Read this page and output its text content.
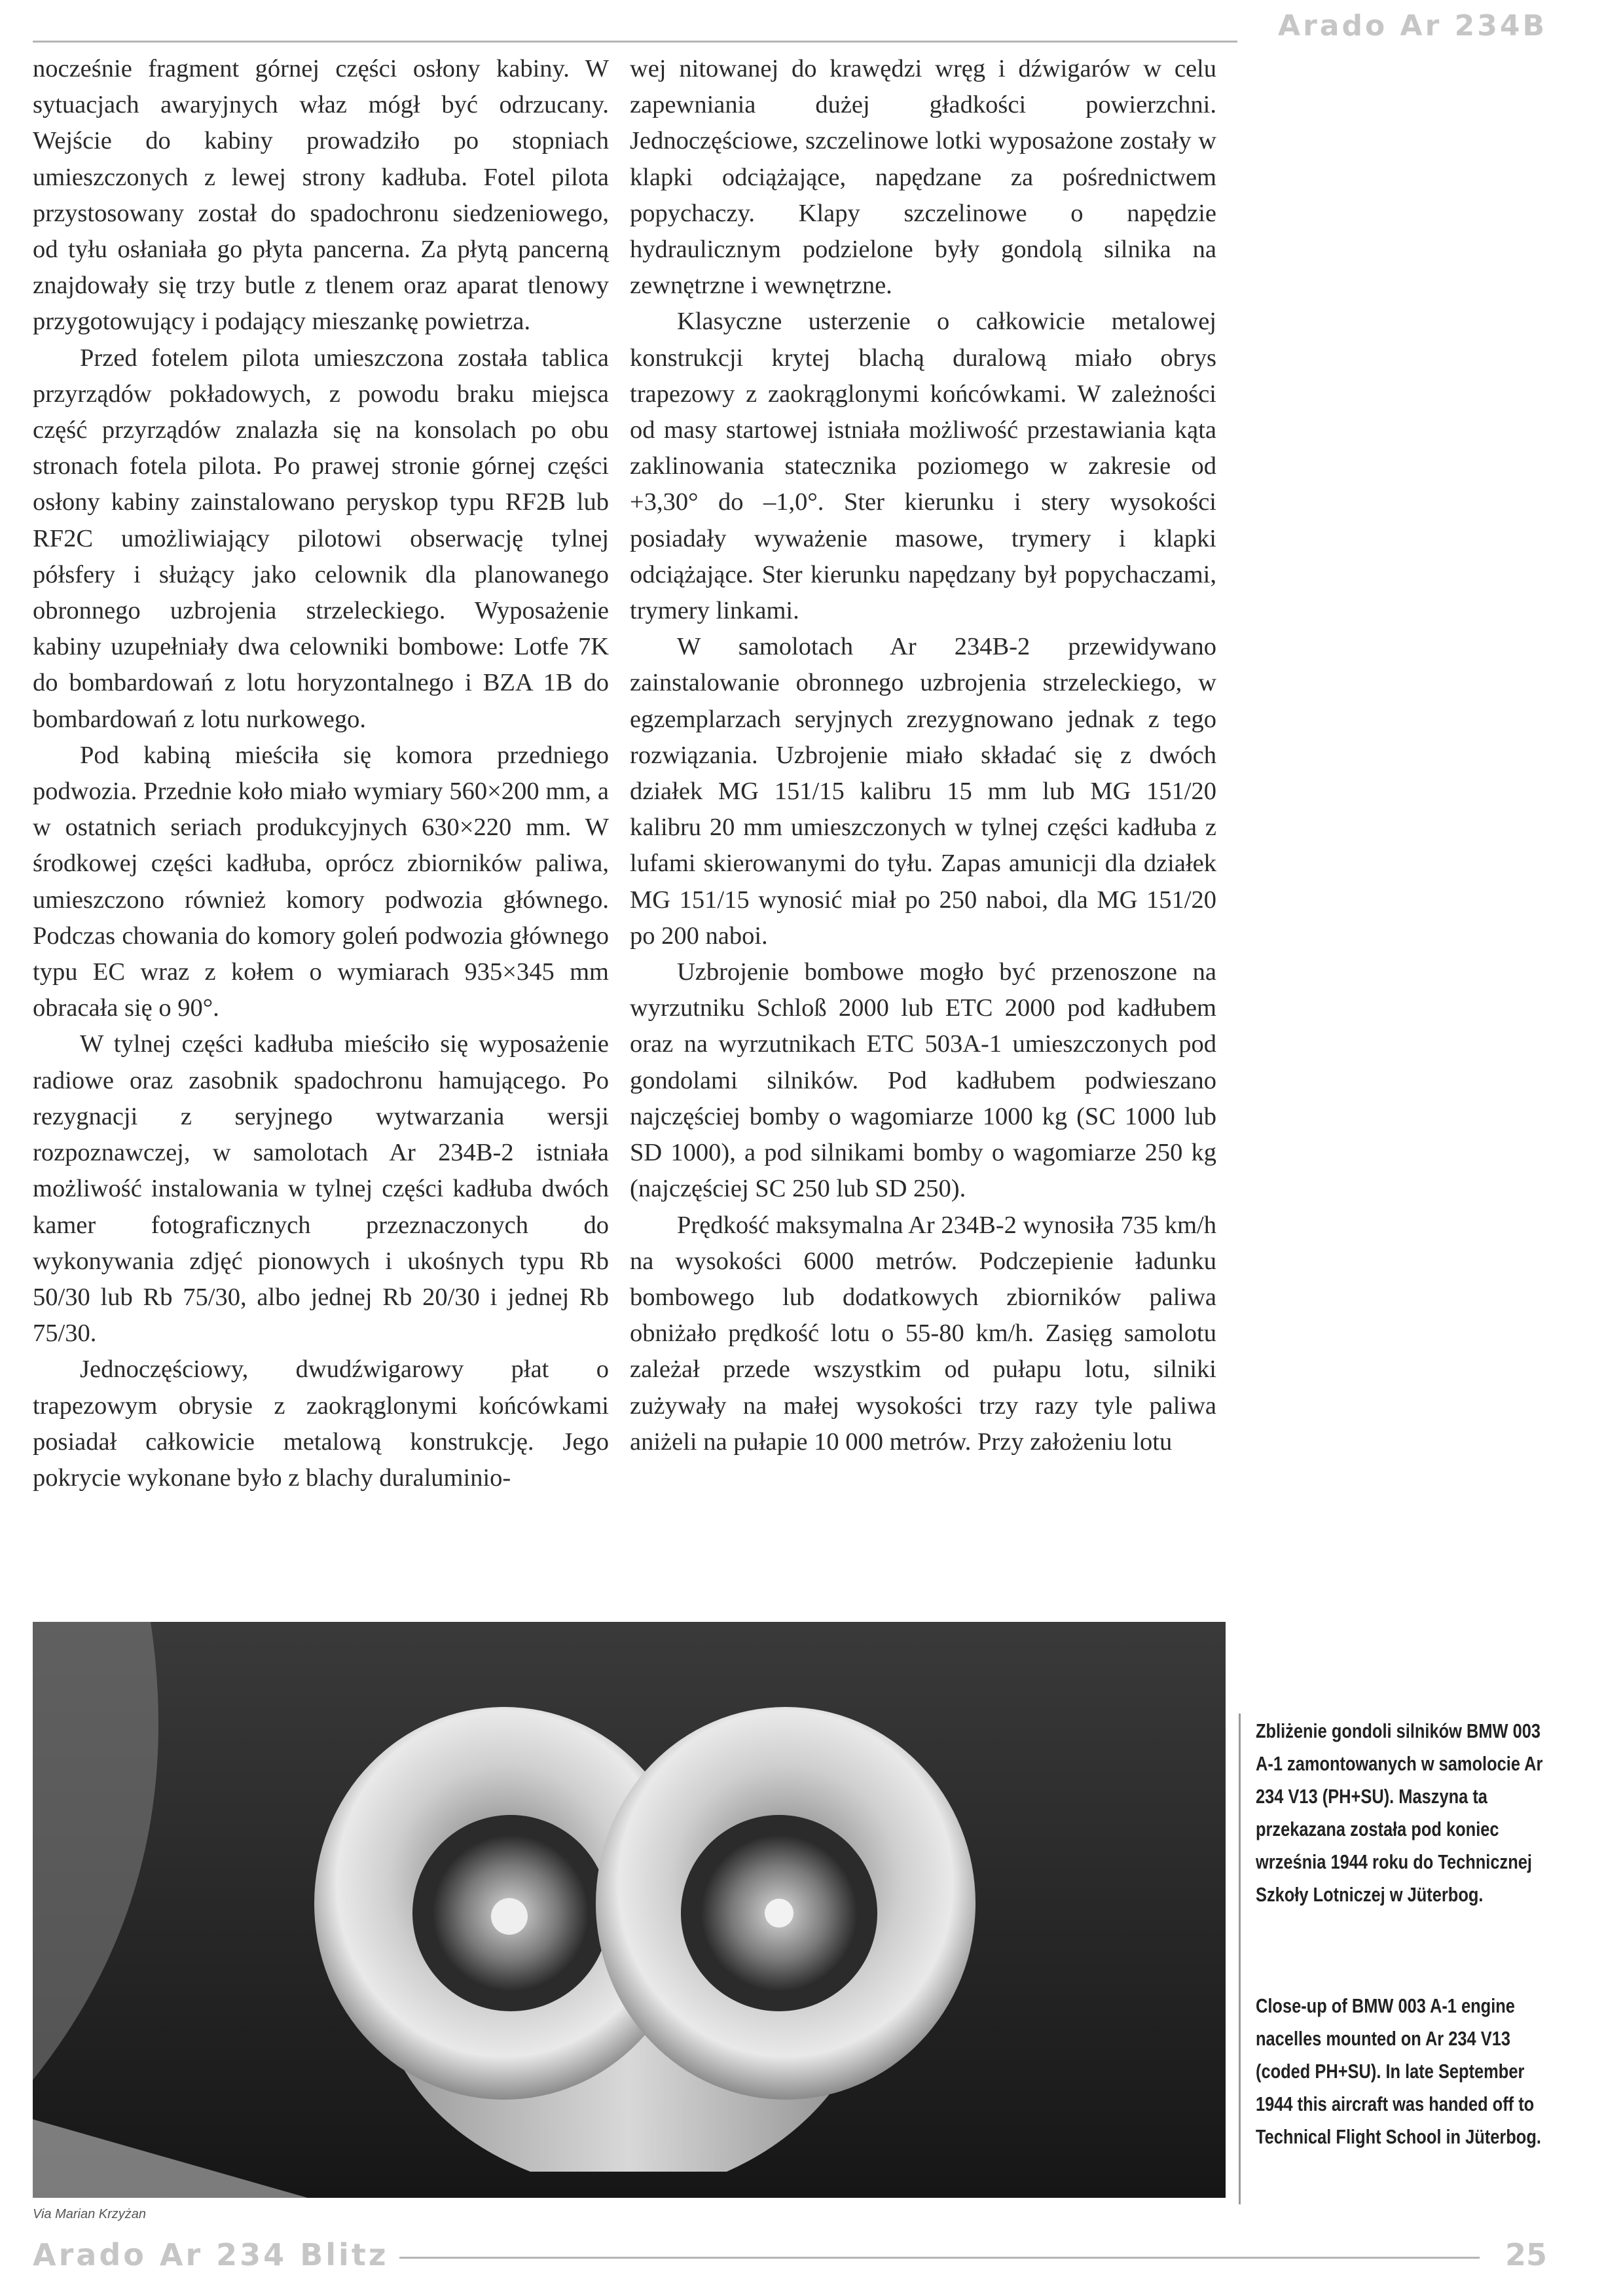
Arado Ar 234B

nocześnie fragment górnej części osłony kabiny. W sytuacjach awaryjnych właz mógł być odrzucany. Wejście do kabiny prowadziło po stopniach umieszczonych z lewej strony kadłuba. Fotel pilota przystosowany został do spadochronu siedzeniowego, od tyłu osłaniała go płyta pancerna. Za płytą pancerną znajdowały się trzy butle z tlenem oraz aparat tlenowy przygotowujący i podający mieszankę powietrza.

Przed fotelem pilota umieszczona została tablica przyrządów pokładowych, z powodu braku miejsca część przyrządów znalazła się na konsolach po obu stronach fotela pilota. Po prawej stronie górnej części osłony kabiny zainstalowano peryskop typu RF2B lub RF2C umożliwiający pilotowi obserwację tylnej półsfery i służący jako celownik dla planowanego obronnego uzbrojenia strzeleckiego. Wyposażenie kabiny uzupełniały dwa celowniki bombowe: Lotfe 7K do bombardowań z lotu horyzontalnego i BZA 1B do bombardowań z lotu nurkowego.

Pod kabiną mieściła się komora przedniego podwozia. Przednie koło miało wymiary 560×200 mm, a w ostatnich seriach produkcyjnych 630×220 mm. W środkowej części kadłuba, oprócz zbiorników paliwa, umieszczono również komory podwozia głównego. Podczas chowania do komory goleń podwozia głównego typu EC wraz z kołem o wymiarach 935×345 mm obracała się o 90°.

W tylnej części kadłuba mieściło się wyposażenie radiowe oraz zasobnik spadochronu hamującego. Po rezygnacji z seryjnego wytwarzania wersji rozpoznawczej, w samolotach Ar 234B-2 istniała możliwość instalowania w tylnej części kadłuba dwóch kamer fotograficznych przeznaczonych do wykonywania zdjęć pionowych i ukośnych typu Rb 50/30 lub Rb 75/30, albo jednej Rb 20/30 i jednej Rb 75/30.

Jednoczęściowy, dwudźwigarowy płat o trapezowym obrysie z zaokrąglonymi końcówkami posiadał całkowicie metalową konstrukcję. Jego pokrycie wykonane było z blachy duraluminio-

wej nitowanej do krawędzi wręg i dźwigarów w celu zapewniania dużej gładkości powierzchni. Jednoczęściowe, szczelinowe lotki wyposażone zostały w klapki odciążające, napędzane za pośrednictwem popychaczy. Klapy szczelinowe o napędzie hydraulicznym podzielone były gondolą silnika na zewnętrzne i wewnętrzne.

Klasyczne usterzenie o całkowicie metalowej konstrukcji krytej blachą duralową miało obrys trapezowy z zaokrąglonymi końcówkami. W zależności od masy startowej istniała możliwość przestawiania kąta zaklinowania statecznika poziomego w zakresie od +3,30° do –1,0°. Ster kierunku i stery wysokości posiadały wyważenie masowe, trymery i klapki odciążające. Ster kierunku napędzany był popychaczami, trymery linkami.

W samolotach Ar 234B-2 przewidywano zainstalowanie obronnego uzbrojenia strzeleckiego, w egzemplarzach seryjnych zrezygnowano jednak z tego rozwiązania. Uzbrojenie miało składać się z dwóch działek MG 151/15 kalibru 15 mm lub MG 151/20 kalibru 20 mm umieszczonych w tylnej części kadłuba z lufami skierowanymi do tyłu. Zapas amunicji dla działek MG 151/15 wynosić miał po 250 naboi, dla MG 151/20 po 200 naboi.

Uzbrojenie bombowe mogło być przenoszone na wyrzutniku Schloß 2000 lub ETC 2000 pod kadłubem oraz na wyrzutnikach ETC 503A-1 umieszczonych pod gondolami silników. Pod kadłubem podwieszano najczęściej bomby o wagomiarze 1000 kg (SC 1000 lub SD 1000), a pod silnikami bomby o wagomiarze 250 kg (najczęściej SC 250 lub SD 250).

Prędkość maksymalna Ar 234B-2 wynosiła 735 km/h na wysokości 6000 metrów. Podczepienie ładunku bombowego lub dodatkowych zbiorników paliwa obniżało prędkość lotu o 55-80 km/h. Zasięg samolotu zależał przede wszystkim od pułapu lotu, silniki zużywały na małej wysokości trzy razy tyle paliwa aniżeli na pułapie 10 000 metrów. Przy założeniu lotu

Via Marian Krzyżan
Zbliżenie gondoli silników BMW 003 A-1 zamontowanych w samolocie Ar 234 V13 (PH+SU). Maszyna ta przekazana została pod koniec września 1944 roku do Technicznej Szkoły Lotniczej w Jüterbog.
Close-up of BMW 003 A-1 engine nacelles mounted on Ar 234 V13 (coded PH+SU). In late September 1944 this aircraft was handed off to Technical Flight School in Jüterbog.
Arado Ar 234 Blitz	25
